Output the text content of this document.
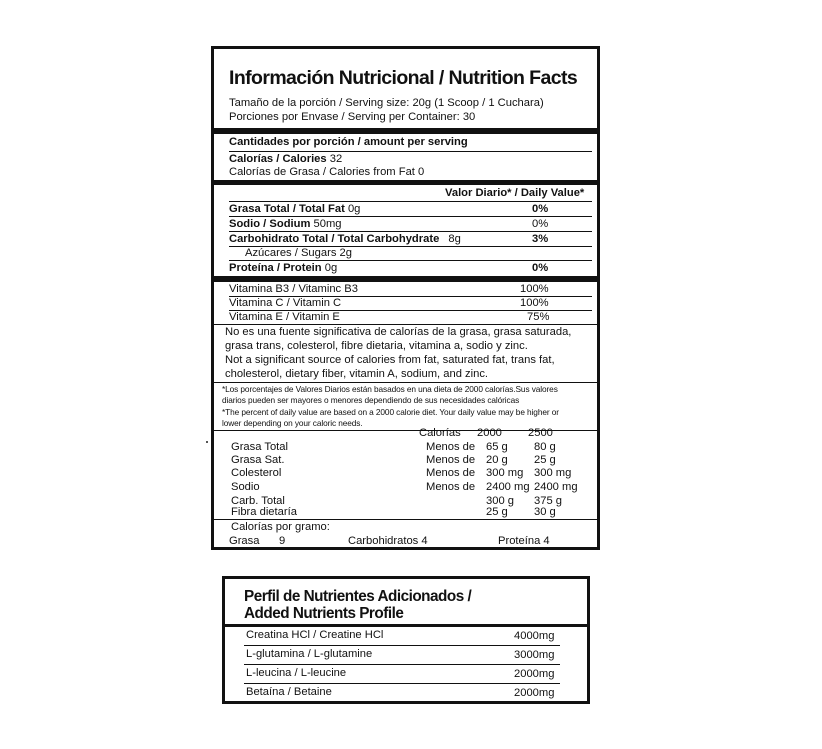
Información Nutricional / Nutrition Facts
Tamaño de la porción / Serving size: 20g (1 Scoop / 1 Cuchara)
Porciones por Envase / Serving per Container: 30
Cantidades por porción / amount per serving
Calorías / Calories 32
Calorías de Grasa / Calories from Fat 0
Valor Diario* / Daily Value*
Grasa Total / Total Fat 0g	0%
Sodio / Sodium 50mg	0%
Carbohidrato Total / Total Carbohydrate 8g	3%
Azúcares / Sugars 2g
Proteína / Protein 0g	0%
Vitamina B3 / Vitaminc B3	100%
Vitamina C / Vitamin C	100%
Vitamina E / Vitamin E	75%
No es una fuente significativa de calorías de la grasa, grasa saturada,
grasa trans, colesterol, fibre dietaria, vitamina a, sodio y zinc.
Not a significant source of calories from fat, saturated fat, trans fat,
cholesterol, dietary fiber, vitamin A, sodium, and zinc.
*Los porcentajes de Valores Diarios están basados en una dieta de 2000 calorías.Sus valores
diarios pueden ser mayores o menores dependiendo de sus necesidades calóricas
*The percent of daily value are based on a 2000 calorie diet. Your daily value may be higher or
lower depending on your caloric needs.
Calorías 2000 2500
Grasa Total	Menos de 65 g 80 g
Grasa Sat.	Menos de 20 g 25 g
Colesterol	Menos de 300 mg 300 mg
Sodio	Menos de 2400 mg 2400 mg
Carb. Total	300 g 375 g
Fibra dietaría	25 g 30 g
Calorías por gramo:
Grasa 9	Carbohidratos 4	Proteína 4
Perfil de Nutrientes Adicionados /
Added Nutrients Profile
Creatina HCl / Creatine HCl	4000mg
L-glutamina / L-glutamine	3000mg
L-leucina / L-leucine	2000mg
Betaína / Betaine	2000mg
